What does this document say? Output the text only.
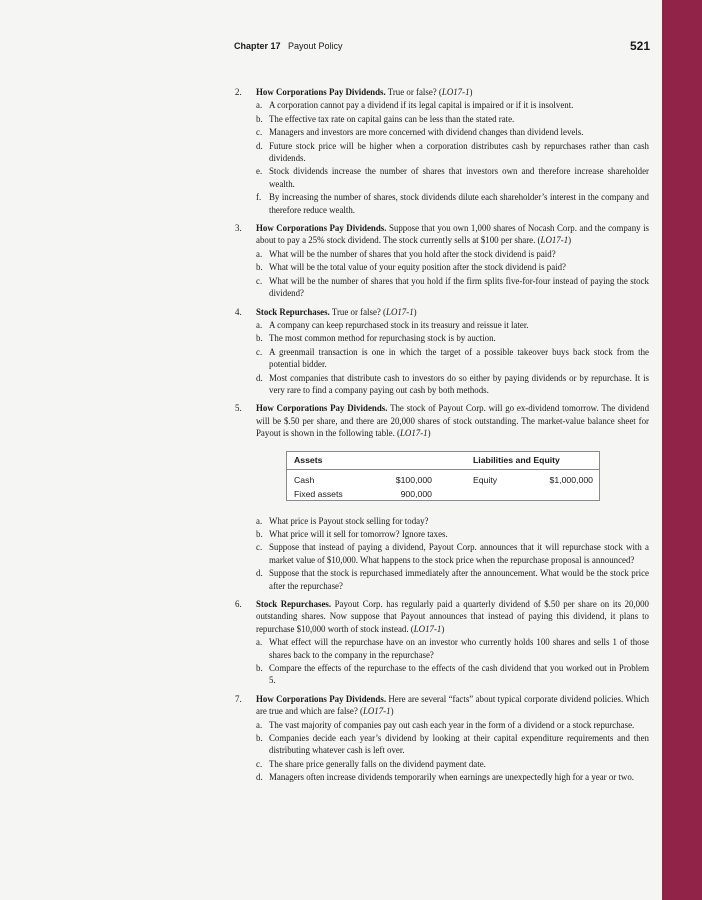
Chapter 17 Payout Policy	521
2. How Corporations Pay Dividends. True or false? (LO17-1)

a. A corporation cannot pay a dividend if its legal capital is impaired or if it is insolvent.
b. The effective tax rate on capital gains can be less than the stated rate.
c. Managers and investors are more concerned with dividend changes than dividend levels.
d. Future stock price will be higher when a corporation distributes cash by repurchases rather than cash dividends.
e. Stock dividends increase the number of shares that investors own and therefore increase shareholder wealth.
f. By increasing the number of shares, stock dividends dilute each shareholder’s interest in the company and therefore reduce wealth.
3. How Corporations Pay Dividends. Suppose that you own 1,000 shares of Nocash Corp. and the company is about to pay a 25% stock dividend. The stock currently sells at $100 per share. (LO17-1)

a. What will be the number of shares that you hold after the stock dividend is paid?
b. What will be the total value of your equity position after the stock dividend is paid?
c. What will be the number of shares that you hold if the firm splits five-for-four instead of paying the stock dividend?
4. Stock Repurchases. True or false? (LO17-1)

a. A company can keep repurchased stock in its treasury and reissue it later.
b. The most common method for repurchasing stock is by auction.
c. A greenmail transaction is one in which the target of a possible takeover buys back stock from the potential bidder.
d. Most companies that distribute cash to investors do so either by paying dividends or by repurchase. It is very rare to find a company paying out cash by both methods.
5. How Corporations Pay Dividends. The stock of Payout Corp. will go ex-dividend tomorrow. The dividend will be $.50 per share, and there are 20,000 shares of stock outstanding. The market-value balance sheet for Payout is shown in the following table. (LO17-1)

Assets	Liabilities and Equity
Cash	$100,000	Equity	$1,000,000
Fixed assets	900,000
a. What price is Payout stock selling for today?
b. What price will it sell for tomorrow? Ignore taxes.
c. Suppose that instead of paying a dividend, Payout Corp. announces that it will repurchase stock with a market value of $10,000. What happens to the stock price when the repurchase proposal is announced?
d. Suppose that the stock is repurchased immediately after the announcement. What would be the stock price after the repurchase?
6. Stock Repurchases. Payout Corp. has regularly paid a quarterly dividend of $.50 per share on its 20,000 outstanding shares. Now suppose that Payout announces that instead of paying this dividend, it plans to repurchase $10,000 worth of stock instead. (LO17-1)

a. What effect will the repurchase have on an investor who currently holds 100 shares and sells 1 of those shares back to the company in the repurchase?
b. Compare the effects of the repurchase to the effects of the cash dividend that you worked out in Problem 5.
7. How Corporations Pay Dividends. Here are several “facts” about typical corporate dividend policies. Which are true and which are false? (LO17-1)

a. The vast majority of companies pay out cash each year in the form of a dividend or a stock repurchase.
b. Companies decide each year’s dividend by looking at their capital expenditure requirements and then distributing whatever cash is left over.
c. The share price generally falls on the dividend payment date.
d. Managers often increase dividends temporarily when earnings are unexpectedly high for a year or two.
